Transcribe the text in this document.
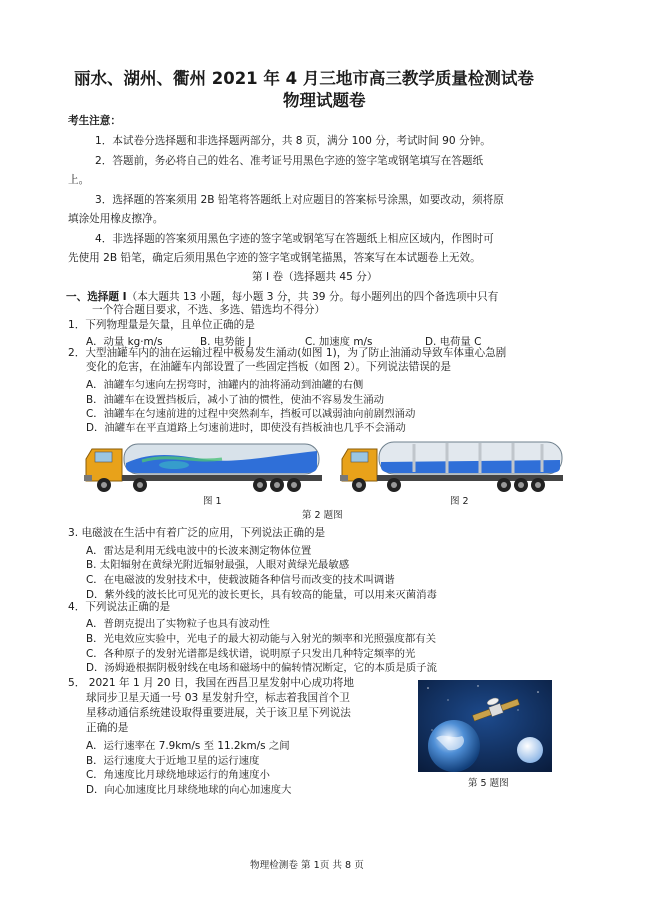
丽水、湖州、衢州 2021 年 4 月三地市高三教学质量检测试卷
物理试题卷
考生注意：
1．本试卷分选择题和非选择题两部分，共 8 页，满分 100 分，考试时间 90 分钟。
2．答题前，务必将自己的姓名、准考证号用黑色字迹的签字笔或钢笔填写在答题纸
上。
3．选择题的答案须用 2B 铅笔将答题纸上对应题目的答案标号涂黑，如要改动，须将原
填涂处用橡皮擦净。
4．非选择题的答案须用黑色字迹的签字笔或钢笔写在答题纸上相应区域内，作图时可
先使用 2B 铅笔，确定后须用黑色字迹的签字笔或钢笔描黑，答案写在本试题卷上无效。
第 I 卷（选择题共 45 分）
一、选择题 I（本大题共 13 小题，每小题 3 分，共 39 分。每小题列出的四个备选项中只有
一个符合题目要求，不选、多选、错选均不得分）
1．下列物理量是矢量，且单位正确的是
A．动量 kg·m/s	B. 电势能 J	C. 加速度 m/s	D. 电荷量 C
2．大型油罐车内的油在运输过程中极易发生涌动(如图 1)，为了防止油涌动导致车体重心急剧
变化的危害，在油罐车内部设置了一些固定挡板（如图 2）。下列说法错误的是
A．油罐车匀速向左拐弯时，油罐内的油将涌动到油罐的右侧
B．油罐车在设置挡板后，减小了油的惯性，使油不容易发生涌动
C．油罐车在匀速前进的过程中突然刹车，挡板可以减弱油向前剧烈涌动
D．油罐车在平直道路上匀速前进时，即使没有挡板油也几乎不会涌动
图 1	图 2
第 2 题图
3. 电磁波在生活中有着广泛的应用，下列说法正确的是
A．雷达是利用无线电波中的长波来测定物体位置
B. 太阳辐射在黄绿光附近辐射最强，人眼对黄绿光最敏感
C．在电磁波的发射技术中，使载波随各种信号而改变的技术叫调谐
D．紫外线的波长比可见光的波长更长，具有较高的能量，可以用来灭菌消毒
4．下列说法正确的是
A．普朗克提出了实物粒子也具有波动性
B．光电效应实验中，光电子的最大初动能与入射光的频率和光照强度都有关
C．各种原子的发射光谱都是线状谱，说明原子只发出几种特定频率的光
D．汤姆逊根据阴极射线在电场和磁场中的偏转情况断定，它的本质是质子流
5． 2021 年 1 月 20 日，我国在西昌卫星发射中心成功将地
球同步卫星天通一号 03 星发射升空，标志着我国首个卫
星移动通信系统建设取得重要进展，关于该卫星下列说法
正确的是
A．运行速率在 7.9km/s 至 11.2km/s 之间
B．运行速度大于近地卫星的运行速度
C．角速度比月球绕地球运行的角速度小
D．向心加速度比月球绕地球的向心加速度大
第 5 题图
物理检测卷 第 1页 共 8 页
